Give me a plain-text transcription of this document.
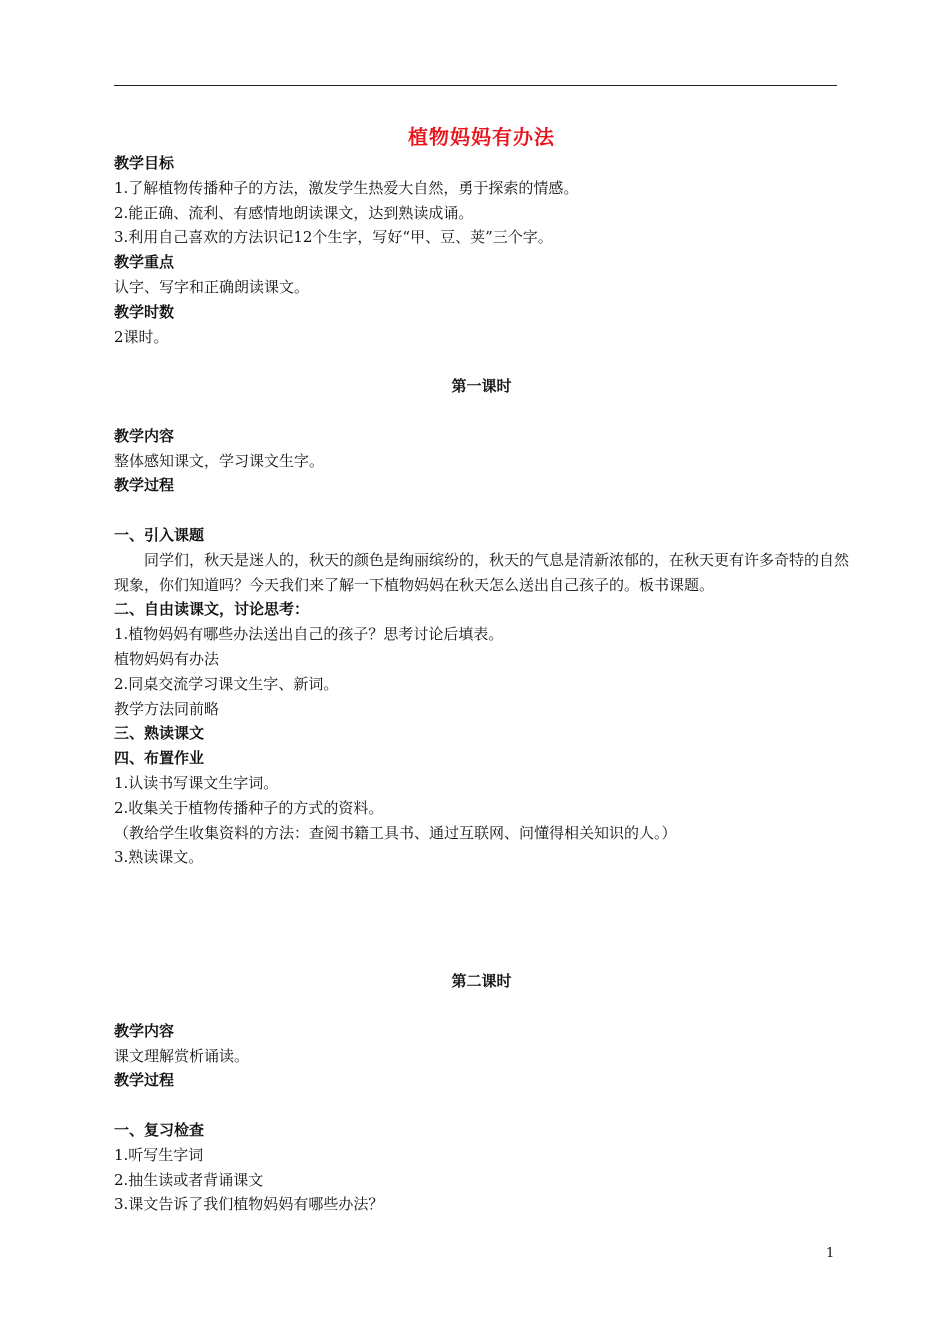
植物妈妈有办法
教学目标
1.了解植物传播种子的方法，激发学生热爱大自然，勇于探索的情感。
2.能正确、流利、有感情地朗读课文，达到熟读成诵。
3.利用自己喜欢的方法识记12个生字，写好“甲、豆、荚”三个字。
教学重点
认字、写字和正确朗读课文。
教学时数
2课时。
第一课时
教学内容
整体感知课文，学习课文生字。
教学过程
一、引入课题

同学们，秋天是迷人的，秋天的颜色是绚丽缤纷的，秋天的气息是清新浓郁的，在秋天更有许多奇特的自然现象，你们知道吗？今天我们来了解一下植物妈妈在秋天怎么送出自己孩子的。板书课题。

二、自由读课文，讨论思考：
1.植物妈妈有哪些办法送出自己的孩子？思考讨论后填表。
植物妈妈有办法
2.同桌交流学习课文生字、新词。
教学方法同前略
三、熟读课文
四、布置作业
1.认读书写课文生字词。
2.收集关于植物传播种子的方式的资料。
（教给学生收集资料的方法：查阅书籍工具书、通过互联网、问懂得相关知识的人。）
3.熟读课文。
第二课时
教学内容
课文理解赏析诵读。
教学过程
一、复习检查
1.听写生字词
2.抽生读或者背诵课文
3.课文告诉了我们植物妈妈有哪些办法？
1
